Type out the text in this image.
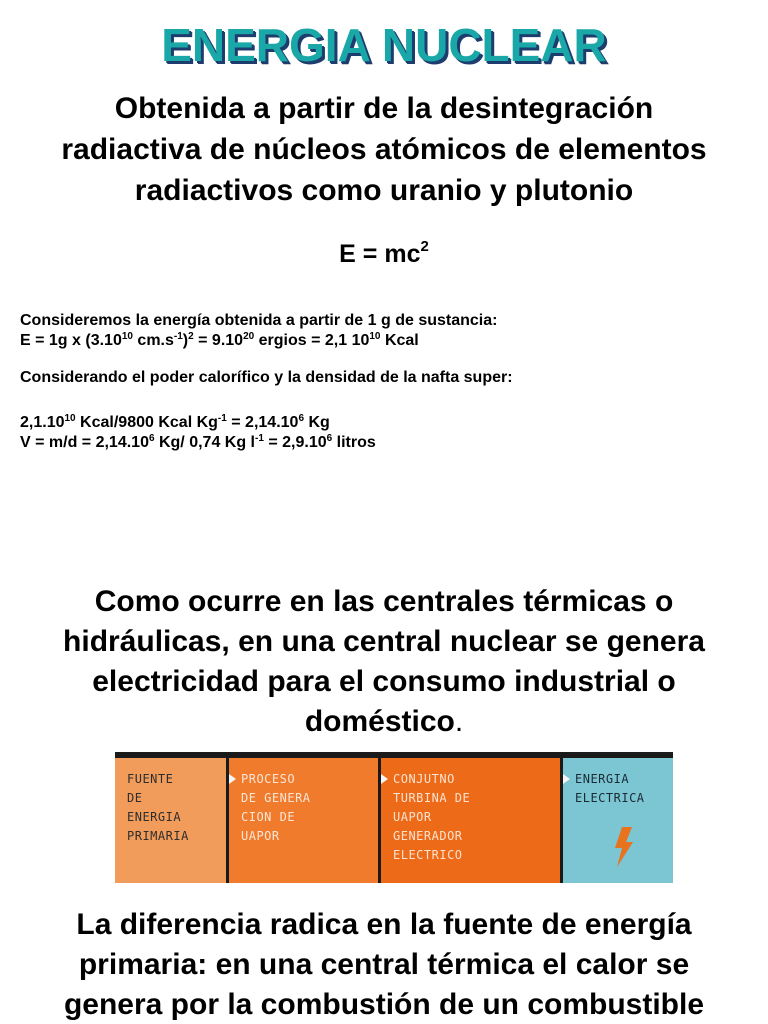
ENERGIA NUCLEAR
Obtenida a partir de la desintegración
radiactiva de núcleos atómicos de elementos
radiactivos como uranio y plutonio
$E = mc^2$
Consideremos la energía obtenida a partir de 1 g de sustancia:
E = 1g x (3.10$^{10}$ $cm.s^{-1})^2 = 9.10^{20}$ ergios = 2,1 $10^{10}$ Kcal
Considerando el poder calorífico y la densidad de la nafta super:
2,1.10$^{10}$ Kcal/9800 Kcal $Kg^{-1} = 2,14.10^6$ Kg
$V = m/d = 2,14.10^6$ Kg/ 0,74 Kg $l^{-1} = 2,9.10^6$ litros
Como ocurre en las centrales térmicas o
hidráulicas, en una central nuclear se genera
electricidad para el consumo industrial o
doméstico.
FUENTE
DE
ENERGIA
PRIMARIA
PROCESO
DE GENERA
CION DE
UAPOR
CONJUTNO
TURBINA DE
UAPOR
GENERADOR
ELECTRICO
ENERGIA
ELECTRICA
La diferencia radica en la fuente de energía
primaria: en una central térmica el calor se
genera por la combustión de un combustible
